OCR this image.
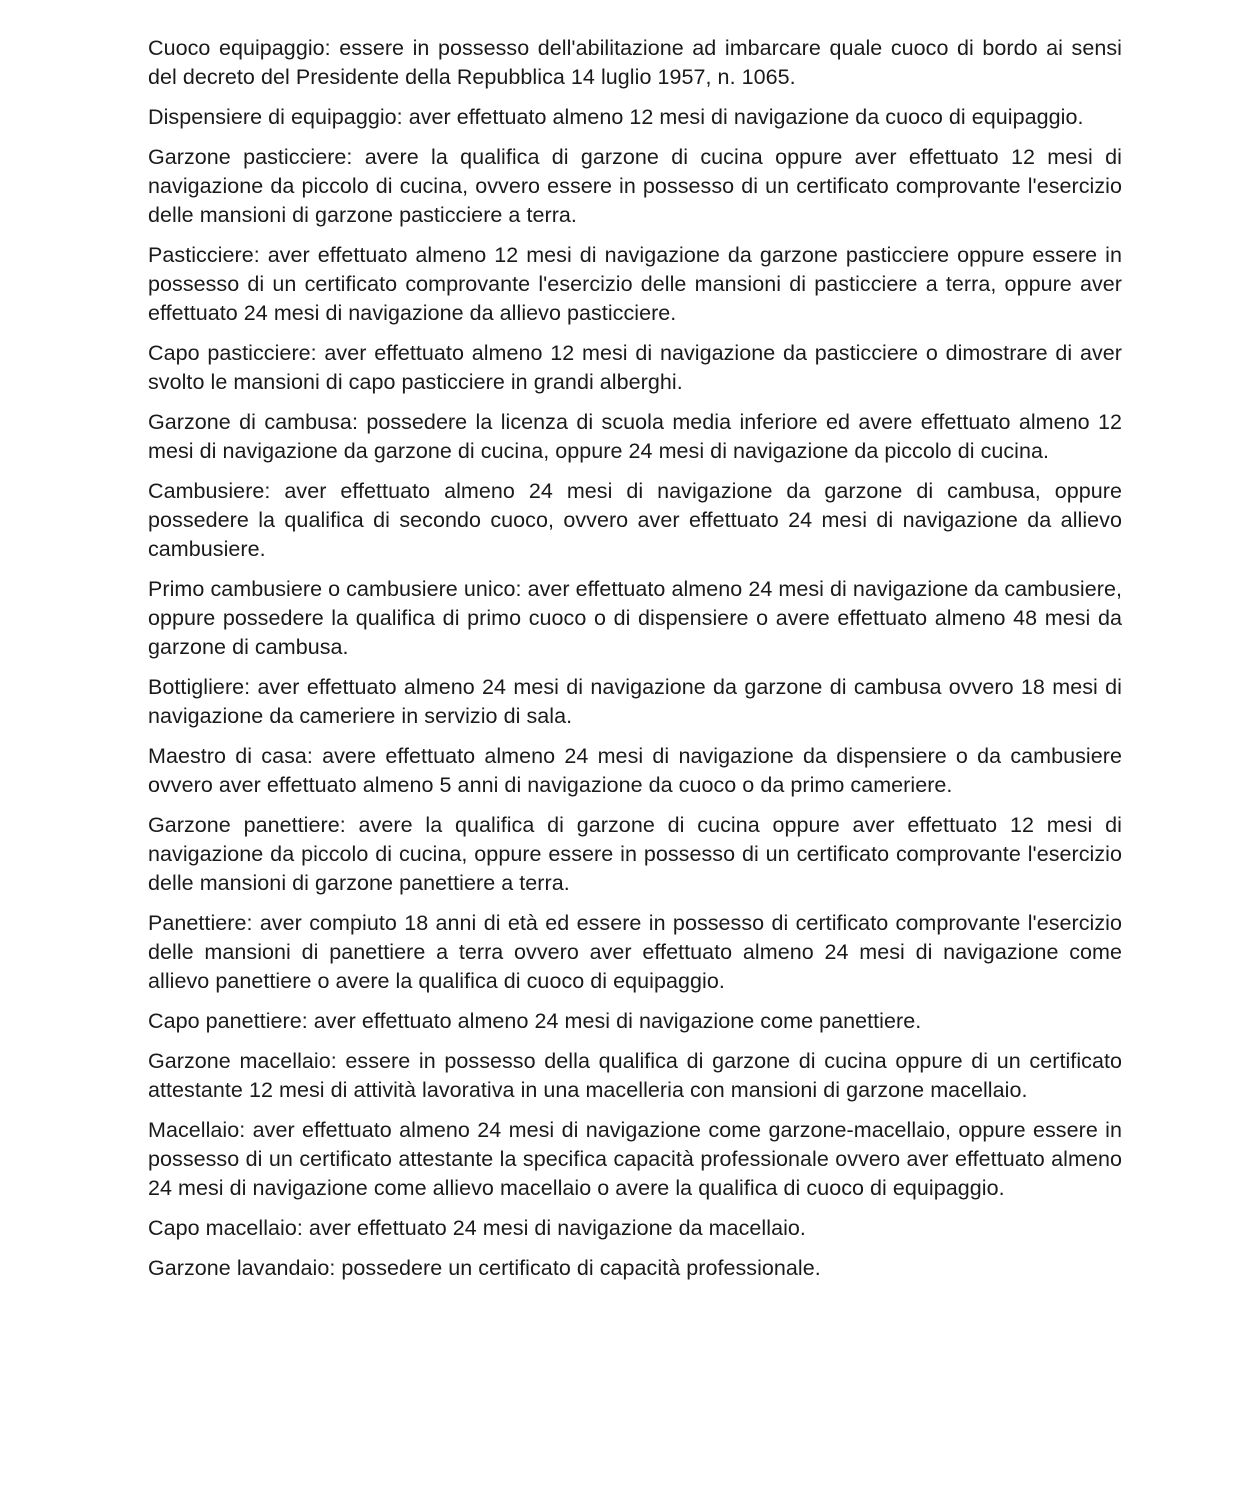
Cuoco equipaggio: essere in possesso dell'abilitazione ad imbarcare quale cuoco di bordo ai sensi del decreto del Presidente della Repubblica 14 luglio 1957, n. 1065.

Dispensiere di equipaggio: aver effettuato almeno 12 mesi di navigazione da cuoco di equipaggio.

Garzone pasticciere: avere la qualifica di garzone di cucina oppure aver effettuato 12 mesi di navigazione da piccolo di cucina, ovvero essere in possesso di un certificato comprovante l'esercizio delle mansioni di garzone pasticciere a terra.

Pasticciere: aver effettuato almeno 12 mesi di navigazione da garzone pasticciere oppure essere in possesso di un certificato comprovante l'esercizio delle mansioni di pasticciere a terra, oppure aver effettuato 24 mesi di navigazione da allievo pasticciere.

Capo pasticciere: aver effettuato almeno 12 mesi di navigazione da pasticciere o dimostrare di aver svolto le mansioni di capo pasticciere in grandi alberghi.

Garzone di cambusa: possedere la licenza di scuola media inferiore ed avere effettuato almeno 12 mesi di navigazione da garzone di cucina, oppure 24 mesi di navigazione da piccolo di cucina.

Cambusiere: aver effettuato almeno 24 mesi di navigazione da garzone di cambusa, oppure possedere la qualifica di secondo cuoco, ovvero aver effettuato 24 mesi di navigazione da allievo cambusiere.

Primo cambusiere o cambusiere unico: aver effettuato almeno 24 mesi di navigazione da cambusiere, oppure possedere la qualifica di primo cuoco o di dispensiere o avere effettuato almeno 48 mesi da garzone di cambusa.

Bottigliere: aver effettuato almeno 24 mesi di navigazione da garzone di cambusa ovvero 18 mesi di navigazione da cameriere in servizio di sala.

Maestro di casa: avere effettuato almeno 24 mesi di navigazione da dispensiere o da cambusiere ovvero aver effettuato almeno 5 anni di navigazione da cuoco o da primo cameriere.

Garzone panettiere: avere la qualifica di garzone di cucina oppure aver effettuato 12 mesi di navigazione da piccolo di cucina, oppure essere in possesso di un certificato comprovante l'esercizio delle mansioni di garzone panettiere a terra.

Panettiere: aver compiuto 18 anni di età ed essere in possesso di certificato comprovante l'esercizio delle mansioni di panettiere a terra ovvero aver effettuato almeno 24 mesi di navigazione come allievo panettiere o avere la qualifica di cuoco di equipaggio.

Capo panettiere: aver effettuato almeno 24 mesi di navigazione come panettiere.

Garzone macellaio: essere in possesso della qualifica di garzone di cucina oppure di un certificato attestante 12 mesi di attività lavorativa in una macelleria con mansioni di garzone macellaio.

Macellaio: aver effettuato almeno 24 mesi di navigazione come garzone-macellaio, oppure essere in possesso di un certificato attestante la specifica capacità professionale ovvero aver effettuato almeno 24 mesi di navigazione come allievo macellaio o avere la qualifica di cuoco di equipaggio.

Capo macellaio: aver effettuato 24 mesi di navigazione da macellaio.

Garzone lavandaio: possedere un certificato di capacità professionale.
